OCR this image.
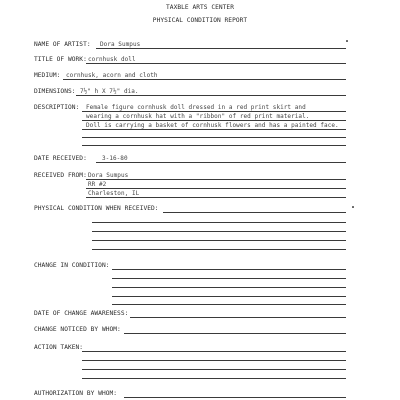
TAXBLE ARTS CENTER
PHYSICAL CONDITION REPORT
NAME OF ARTIST: Dora Sumpus
TITLE OF WORK: cornhusk doll
MEDIUM: cornhusk, acorn and cloth
DIMENSIONS: 7½" h X 7½" dia.
DESCRIPTION: Female figure cornhusk doll dressed in a red print skirt and
wearing a cornhusk hat with a "ribbon" of red print material.
Doll is carrying a basket of cornhusk flowers and has a painted face.
DATE RECEIVED:	3-16-80
RECEIVED FROM: Dora Sumpus
RR #2
Charleston, IL
PHYSICAL CONDITION WHEN RECEIVED:
CHANGE IN CONDITION:
DATE OF CHANGE AWARENESS:
CHANGE NOTICED BY WHOM:
ACTION TAKEN:
AUTHORIZATION BY WHOM:
